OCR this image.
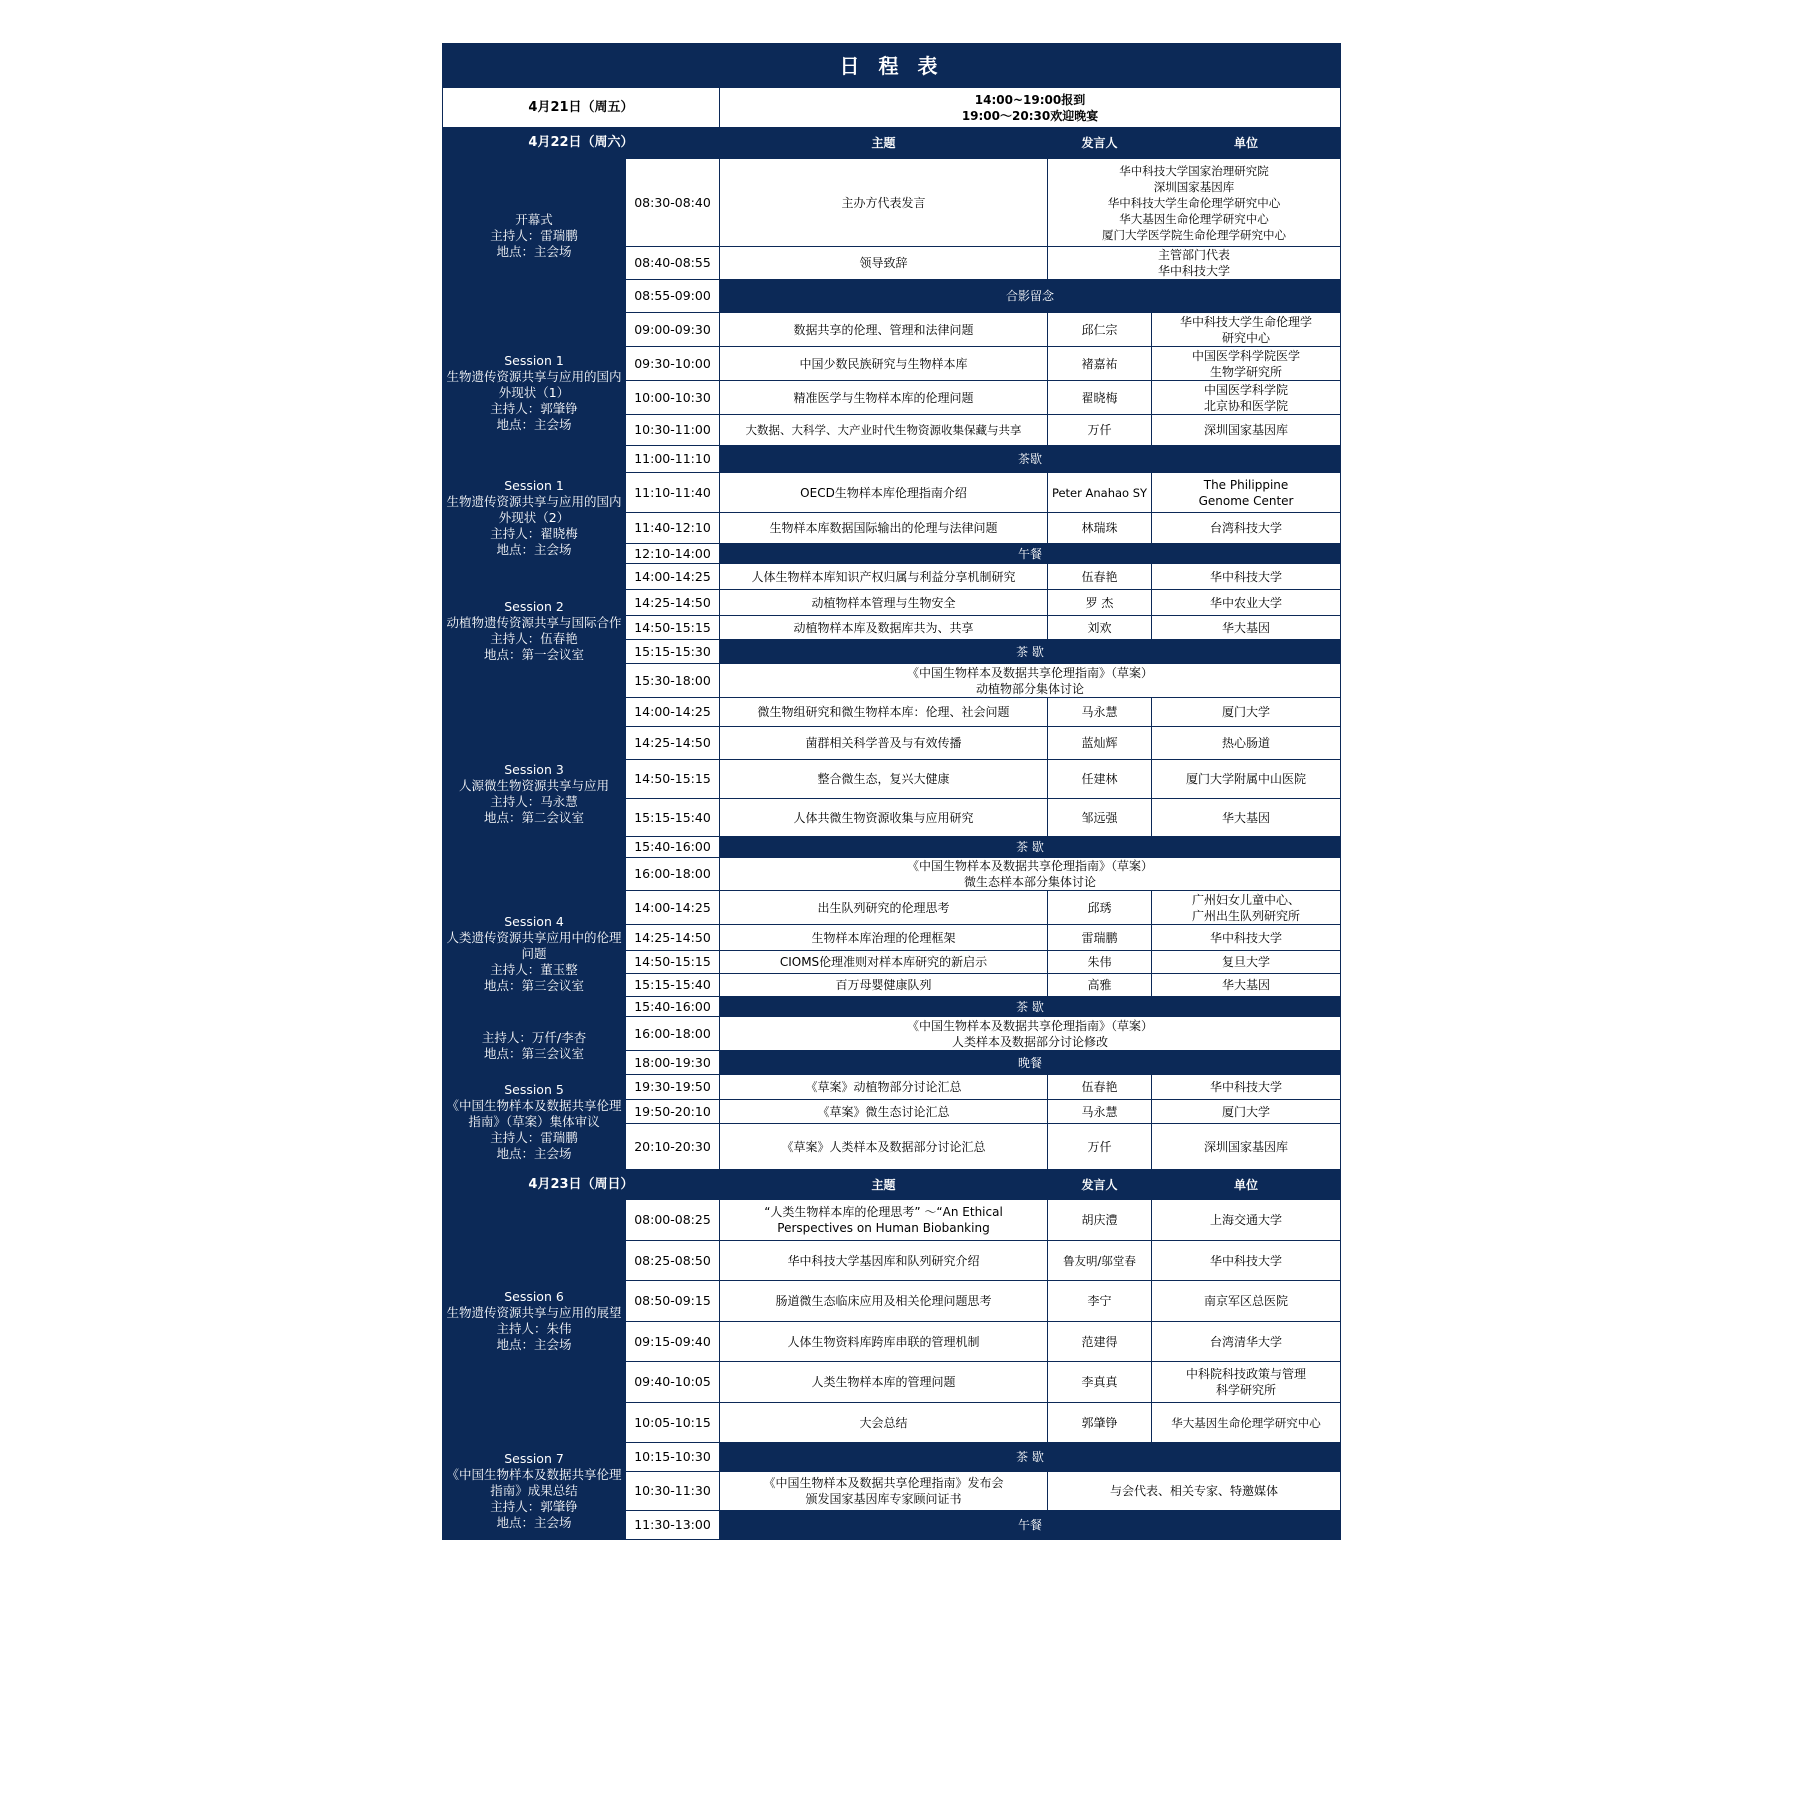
日 程 表				
4月21日（周五）		14:00~19:00报到
19:00～20:30欢迎晚宴		
4月22日（周六）		主题	发言人	单位
开幕式
主持人：雷瑞鹏
地点：主会场	08:30-08:40	主办方代表发言	华中科技大学国家治理研究院
深圳国家基因库
华中科技大学生命伦理学研究中心
华大基因生命伦理学研究中心
厦门大学医学院生命伦理学研究中心	
	08:40-08:55	领导致辞	主管部门代表
华中科技大学	
	08:55-09:00	合影留念		
Session 1
生物遗传资源共享与应用的国内外现状（1）
主持人：郭肇铮
地点：主会场	09:00-09:30	数据共享的伦理、管理和法律问题	邱仁宗	华中科技大学生命伦理学
研究中心
	09:30-10:00	中国少数民族研究与生物样本库	褚嘉祐	中国医学科学院医学
生物学研究所
	10:00-10:30	精准医学与生物样本库的伦理问题	翟晓梅	中国医学科学院
北京协和医学院
	10:30-11:00	大数据、大科学、大产业时代生物资源收集保藏与共享	万仟	深圳国家基因库
	11:00-11:10	茶歇		
Session 1
生物遗传资源共享与应用的国内外现状（2）
主持人：翟晓梅
地点：主会场	11:10-11:40	OECD生物样本库伦理指南介绍	Peter Anahao SY	The Philippine
Genome Center
	11:40-12:10	生物样本库数据国际输出的伦理与法律问题	林瑞珠	台湾科技大学
	12:10-14:00	午餐		
Session 2
动植物遗传资源共享与国际合作
主持人：伍春艳
地点：第一会议室	14:00-14:25	人体生物样本库知识产权归属与利益分享机制研究	伍春艳	华中科技大学
	14:25-14:50	动植物样本管理与生物安全	罗 杰	华中农业大学
	14:50-15:15	动植物样本库及数据库共为、共享	刘欢	华大基因
	15:15-15:30	茶 歇		
	15:30-18:00	《中国生物样本及数据共享伦理指南》（草案）
动植物部分集体讨论		
Session 3
人源微生物资源共享与应用
主持人：马永慧
地点：第二会议室	14:00-14:25	微生物组研究和微生物样本库：伦理、社会问题	马永慧	厦门大学
	14:25-14:50	菌群相关科学普及与有效传播	蓝灿辉	热心肠道
	14:50-15:15	整合微生态，复兴大健康	任建林	厦门大学附属中山医院
	15:15-15:40	人体共微生物资源收集与应用研究	邹远强	华大基因
	15:40-16:00	茶 歇		
	16:00-18:00	《中国生物样本及数据共享伦理指南》（草案）
微生态样本部分集体讨论		
Session 4
人类遗传资源共享应用中的伦理问题
主持人：董玉整
地点：第三会议室	14:00-14:25	出生队列研究的伦理思考	邱琇	广州妇女儿童中心、
广州出生队列研究所
	14:25-14:50	生物样本库治理的伦理框架	雷瑞鹏	华中科技大学
	14:50-15:15	CIOMS伦理准则对样本库研究的新启示	朱伟	复旦大学
	15:15-15:40	百万母婴健康队列	高雅	华大基因
	15:40-16:00	茶 歇		
主持人：万仟/李杏
地点：第三会议室	16:00-18:00	《中国生物样本及数据共享伦理指南》（草案）
人类样本及数据部分讨论修改		
	18:00-19:30	晚餐		
Session 5
《中国生物样本及数据共享伦理指南》（草案）集体审议
主持人：雷瑞鹏
地点：主会场	19:30-19:50	《草案》动植物部分讨论汇总	伍春艳	华中科技大学
	19:50-20:10	《草案》微生态讨论汇总	马永慧	厦门大学
	20:10-20:30	《草案》人类样本及数据部分讨论汇总	万仟	深圳国家基因库
4月23日（周日）		主题	发言人	单位
Session 6
生物遗传资源共享与应用的展望
主持人：朱伟
地点：主会场	08:00-08:25	“人类生物样本库的伦理思考” ～“An Ethical
Perspectives on Human Biobanking	胡庆澧	上海交通大学
	08:25-08:50	华中科技大学基因库和队列研究介绍	鲁友明/邬堂春	华中科技大学
	08:50-09:15	肠道微生态临床应用及相关伦理问题思考	李宁	南京军区总医院
	09:15-09:40	人体生物资料库跨库串联的管理机制	范建得	台湾清华大学
	09:40-10:05	人类生物样本库的管理问题	李真真	中科院科技政策与管理
科学研究所
	10:05-10:15	大会总结	郭肇铮	华大基因生命伦理学研究中心
Session 7
《中国生物样本及数据共享伦理指南》成果总结
主持人：郭肇铮
地点：主会场	10:15-10:30	茶 歇		
	10:30-11:30	《中国生物样本及数据共享伦理指南》发布会
颁发国家基因库专家顾问证书	与会代表、相关专家、特邀媒体	
	11:30-13:00	午餐		
